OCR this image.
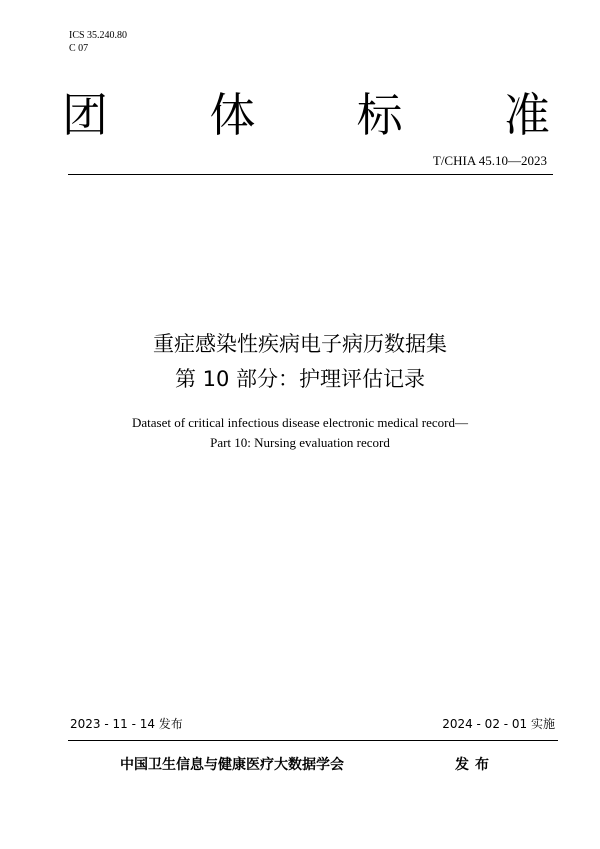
ICS 35.240.80
C 07
团 体 标 准
T/CHIA 45.10—2023
重症感染性疾病电子病历数据集
第 10 部分：护理评估记录
Dataset of critical infectious disease electronic medical record—
Part 10: Nursing evaluation record
2023 - 11 - 14 发布	2024 - 02 - 01 实施
中国卫生信息与健康医疗大数据学会	发布
